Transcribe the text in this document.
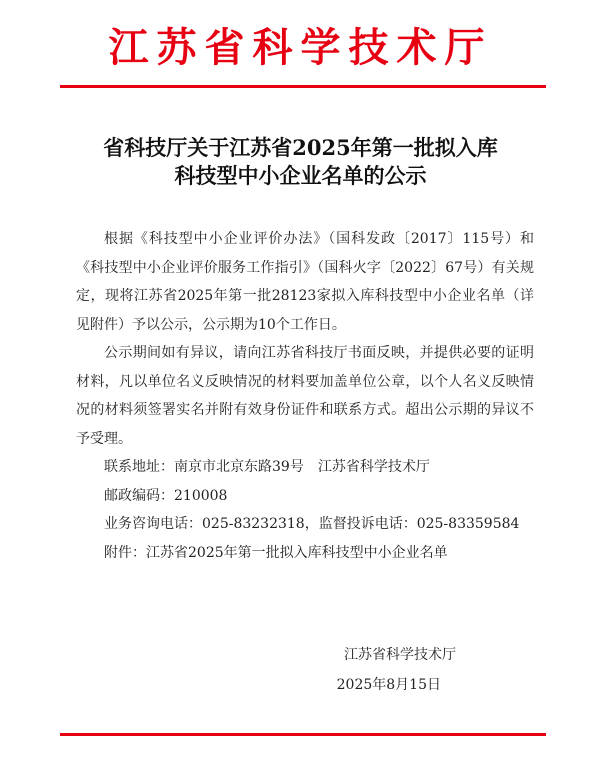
江苏省科学技术厅
省科技厅关于江苏省2025年第一批拟入库
科技型中小企业名单的公示

根据《科技型中小企业评价办法》（国科发政〔2017〕115号）和《科技型中小企业评价服务工作指引》（国科火字〔2022〕67号）有关规定，现将江苏省2025年第一批28123家拟入库科技型中小企业名单（详见附件）予以公示，公示期为10个工作日。

公示期间如有异议，请向江苏省科技厅书面反映，并提供必要的证明材料，凡以单位名义反映情况的材料要加盖单位公章，以个人名义反映情况的材料须签署实名并附有效身份证件和联系方式。超出公示期的异议不予受理。

联系地址：南京市北京东路39号　江苏省科学技术厅

邮政编码：210008

业务咨询电话：025-83232318，监督投诉电话：025-83359584

附件：江苏省2025年第一批拟入库科技型中小企业名单

江苏省科学技术厅
2025年8月15日
